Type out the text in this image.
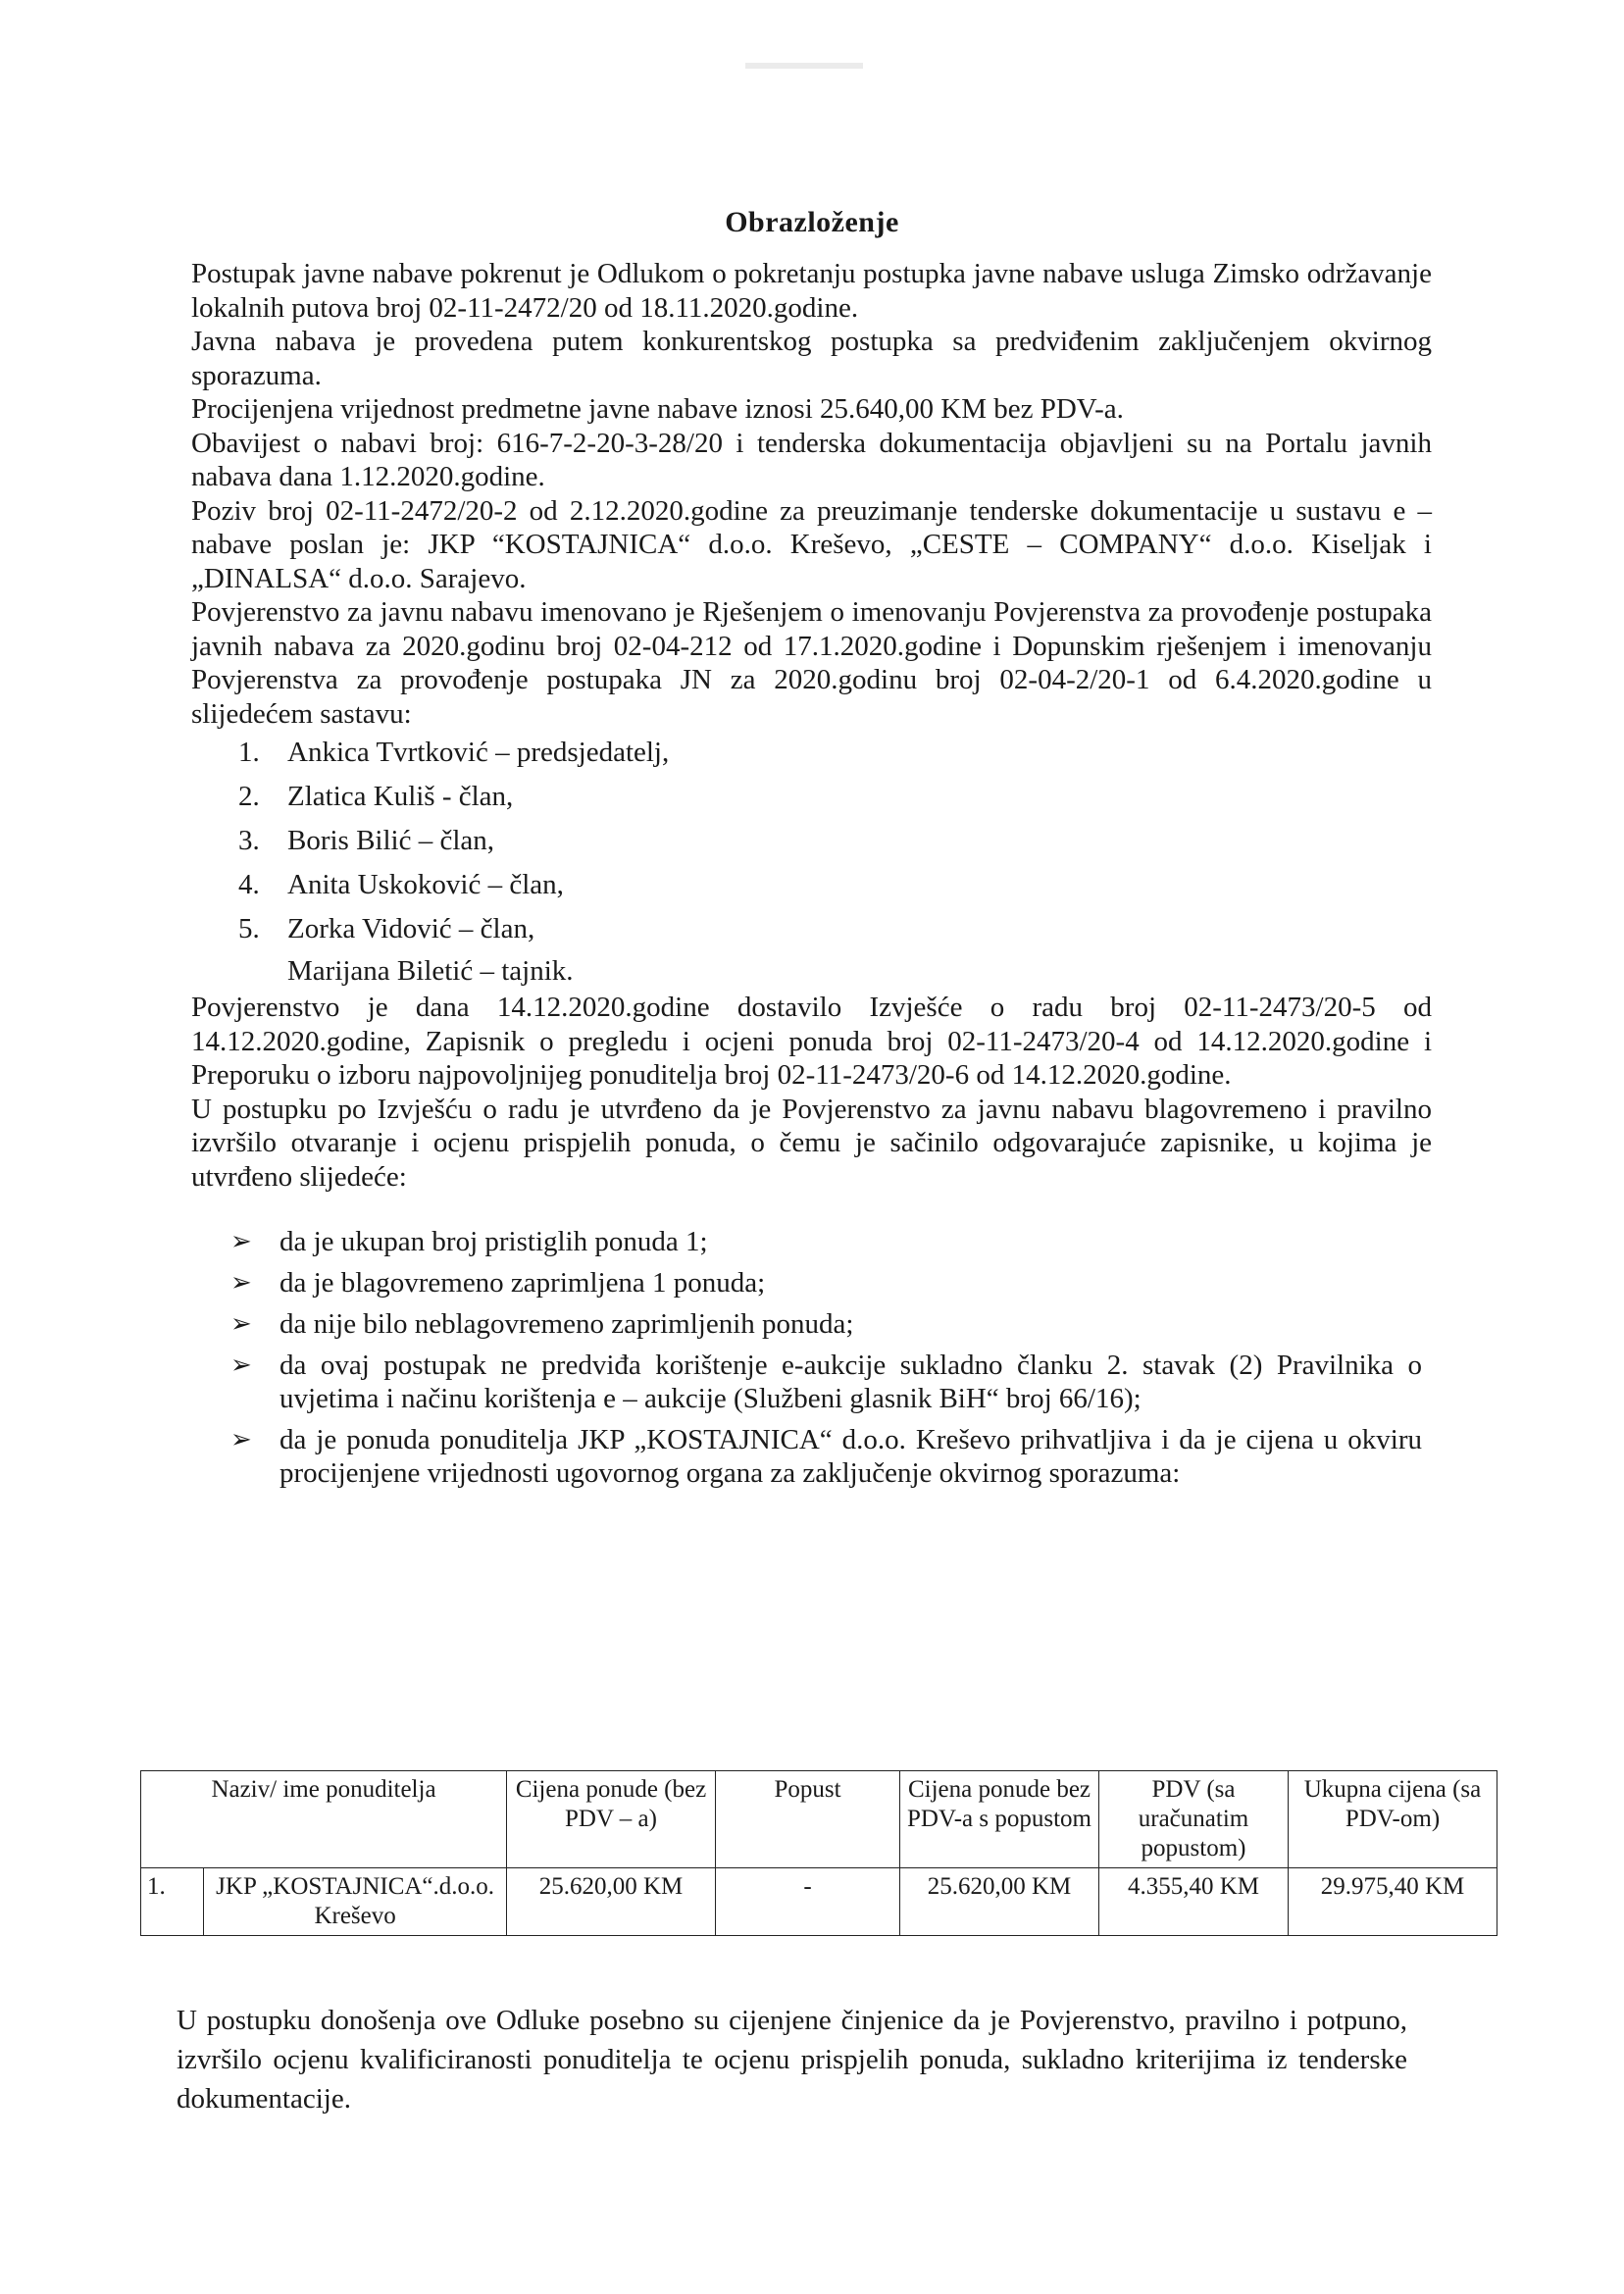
Obrazloženje

Postupak javne nabave pokrenut je Odlukom o pokretanju postupka javne nabave usluga Zimsko održavanje lokalnih putova broj 02-11-2472/20 od 18.11.2020.godine.

Javna nabava je provedena putem konkurentskog postupka sa predviđenim zaključenjem okvirnog sporazuma.

Procijenjena vrijednost predmetne javne nabave iznosi 25.640,00 KM bez PDV-a.

Obavijest o nabavi broj: 616-7-2-20-3-28/20 i tenderska dokumentacija objavljeni su na Portalu javnih nabava dana 1.12.2020.godine.

Poziv broj 02-11-2472/20-2 od 2.12.2020.godine za preuzimanje tenderske dokumentacije u sustavu e – nabave poslan je: JKP “KOSTAJNICA“ d.o.o. Kreševo, „CESTE – COMPANY“ d.o.o. Kiseljak i „DINALSA“ d.o.o. Sarajevo.

Povjerenstvo za javnu nabavu imenovano je Rješenjem o imenovanju Povjerenstva za provođenje postupaka javnih nabava za 2020.godinu broj 02-04-212 od 17.1.2020.godine i Dopunskim rješenjem i imenovanju Povjerenstva za provođenje postupaka JN za 2020.godinu broj 02-04-2/20-1 od 6.4.2020.godine u slijedećem sastavu:

1. Ankica Tvrtković – predsjedatelj,
2. Zlatica Kuliš - član,
3. Boris Bilić – član,
4. Anita Uskoković – član,
5. Zorka Vidović – član,
Marijana Biletić – tajnik.

Povjerenstvo je dana 14.12.2020.godine dostavilo Izvješće o radu broj 02-11-2473/20-5 od 14.12.2020.godine, Zapisnik o pregledu i ocjeni ponuda broj 02-11-2473/20-4 od 14.12.2020.godine i Preporuku o izboru najpovoljnijeg ponuditelja broj 02-11-2473/20-6 od 14.12.2020.godine.

U postupku po Izvješću o radu je utvrđeno da je Povjerenstvo za javnu nabavu blagovremeno i pravilno izvršilo otvaranje i ocjenu prispjelih ponuda, o čemu je sačinilo odgovarajuće zapisnike, u kojima je utvrđeno slijedeće:

➢ da je ukupan broj pristiglih ponuda 1;
➢ da je blagovremeno zaprimljena 1 ponuda;
➢ da nije bilo neblagovremeno zaprimljenih ponuda;
➢ da ovaj postupak ne predviđa korištenje e-aukcije sukladno članku 2. stavak (2) Pravilnika o uvjetima i načinu korištenja e – aukcije (Službeni glasnik BiH“ broj 66/16);
➢ da je ponuda ponuditelja JKP „KOSTAJNICA“ d.o.o. Kreševo prihvatljiva i da je cijena u okviru procijenjene vrijednosti ugovornog organa za zaključenje okvirnog sporazuma:
Naziv/ ime ponuditelja		Cijena ponude (bez PDV – a)	Popust	Cijena ponude bez PDV-a s popustom	PDV (sa uračunatim popustom)	Ukupna cijena (sa PDV-om)
1.	JKP „KOSTAJNICA“.d.o.o. Kreševo	25.620,00 KM	-	25.620,00 KM	4.355,40 KM	29.975,40 KM
U postupku donošenja ove Odluke posebno su cijenjene činjenice da je Povjerenstvo, pravilno i potpuno, izvršilo ocjenu kvalificiranosti ponuditelja te ocjenu prispjelih ponuda, sukladno kriterijima iz tenderske dokumentacije.
